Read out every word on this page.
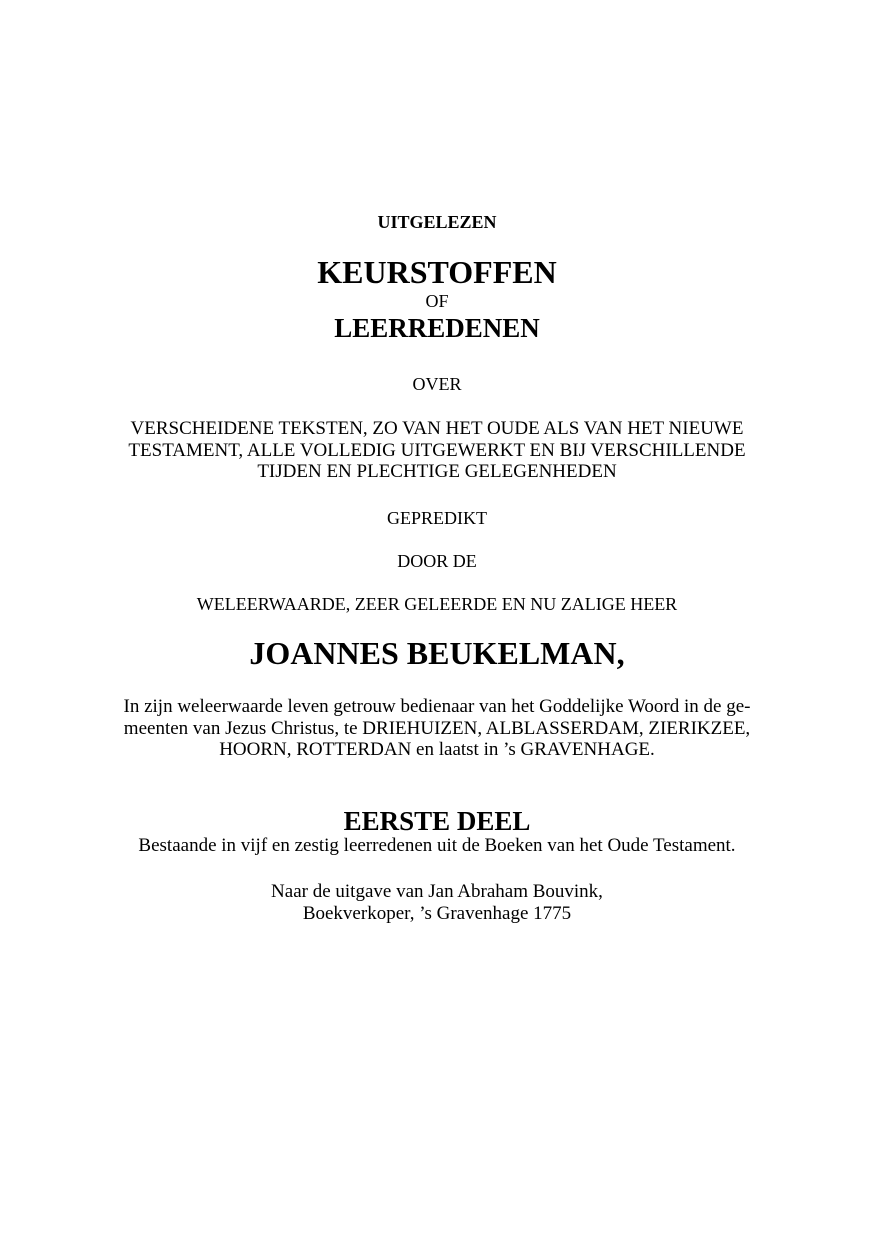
UITGELEZEN
KEURSTOFFEN
OF
LEERREDENEN
OVER
VERSCHEIDENE TEKSTEN, ZO VAN HET OUDE ALS VAN HET NIEUWE
TESTAMENT, ALLE VOLLEDIG UITGEWERKT EN BIJ VERSCHILLENDE
TIJDEN EN PLECHTIGE GELEGENHEDEN
GEPREDIKT
DOOR DE
WELEERWAARDE, ZEER GELEERDE EN NU ZALIGE HEER
JOANNES BEUKELMAN,
In zijn weleerwaarde leven getrouw bedienaar van het Goddelijke Woord in de ge-
meenten van Jezus Christus, te DRIEHUIZEN, ALBLASSERDAM, ZIERIKZEE,
HOORN, ROTTERDAN en laatst in ’s GRAVENHAGE.
EERSTE DEEL
Bestaande in vijf en zestig leerredenen uit de Boeken van het Oude Testament.
Naar de uitgave van Jan Abraham Bouvink,
Boekverkoper, ’s Gravenhage 1775
